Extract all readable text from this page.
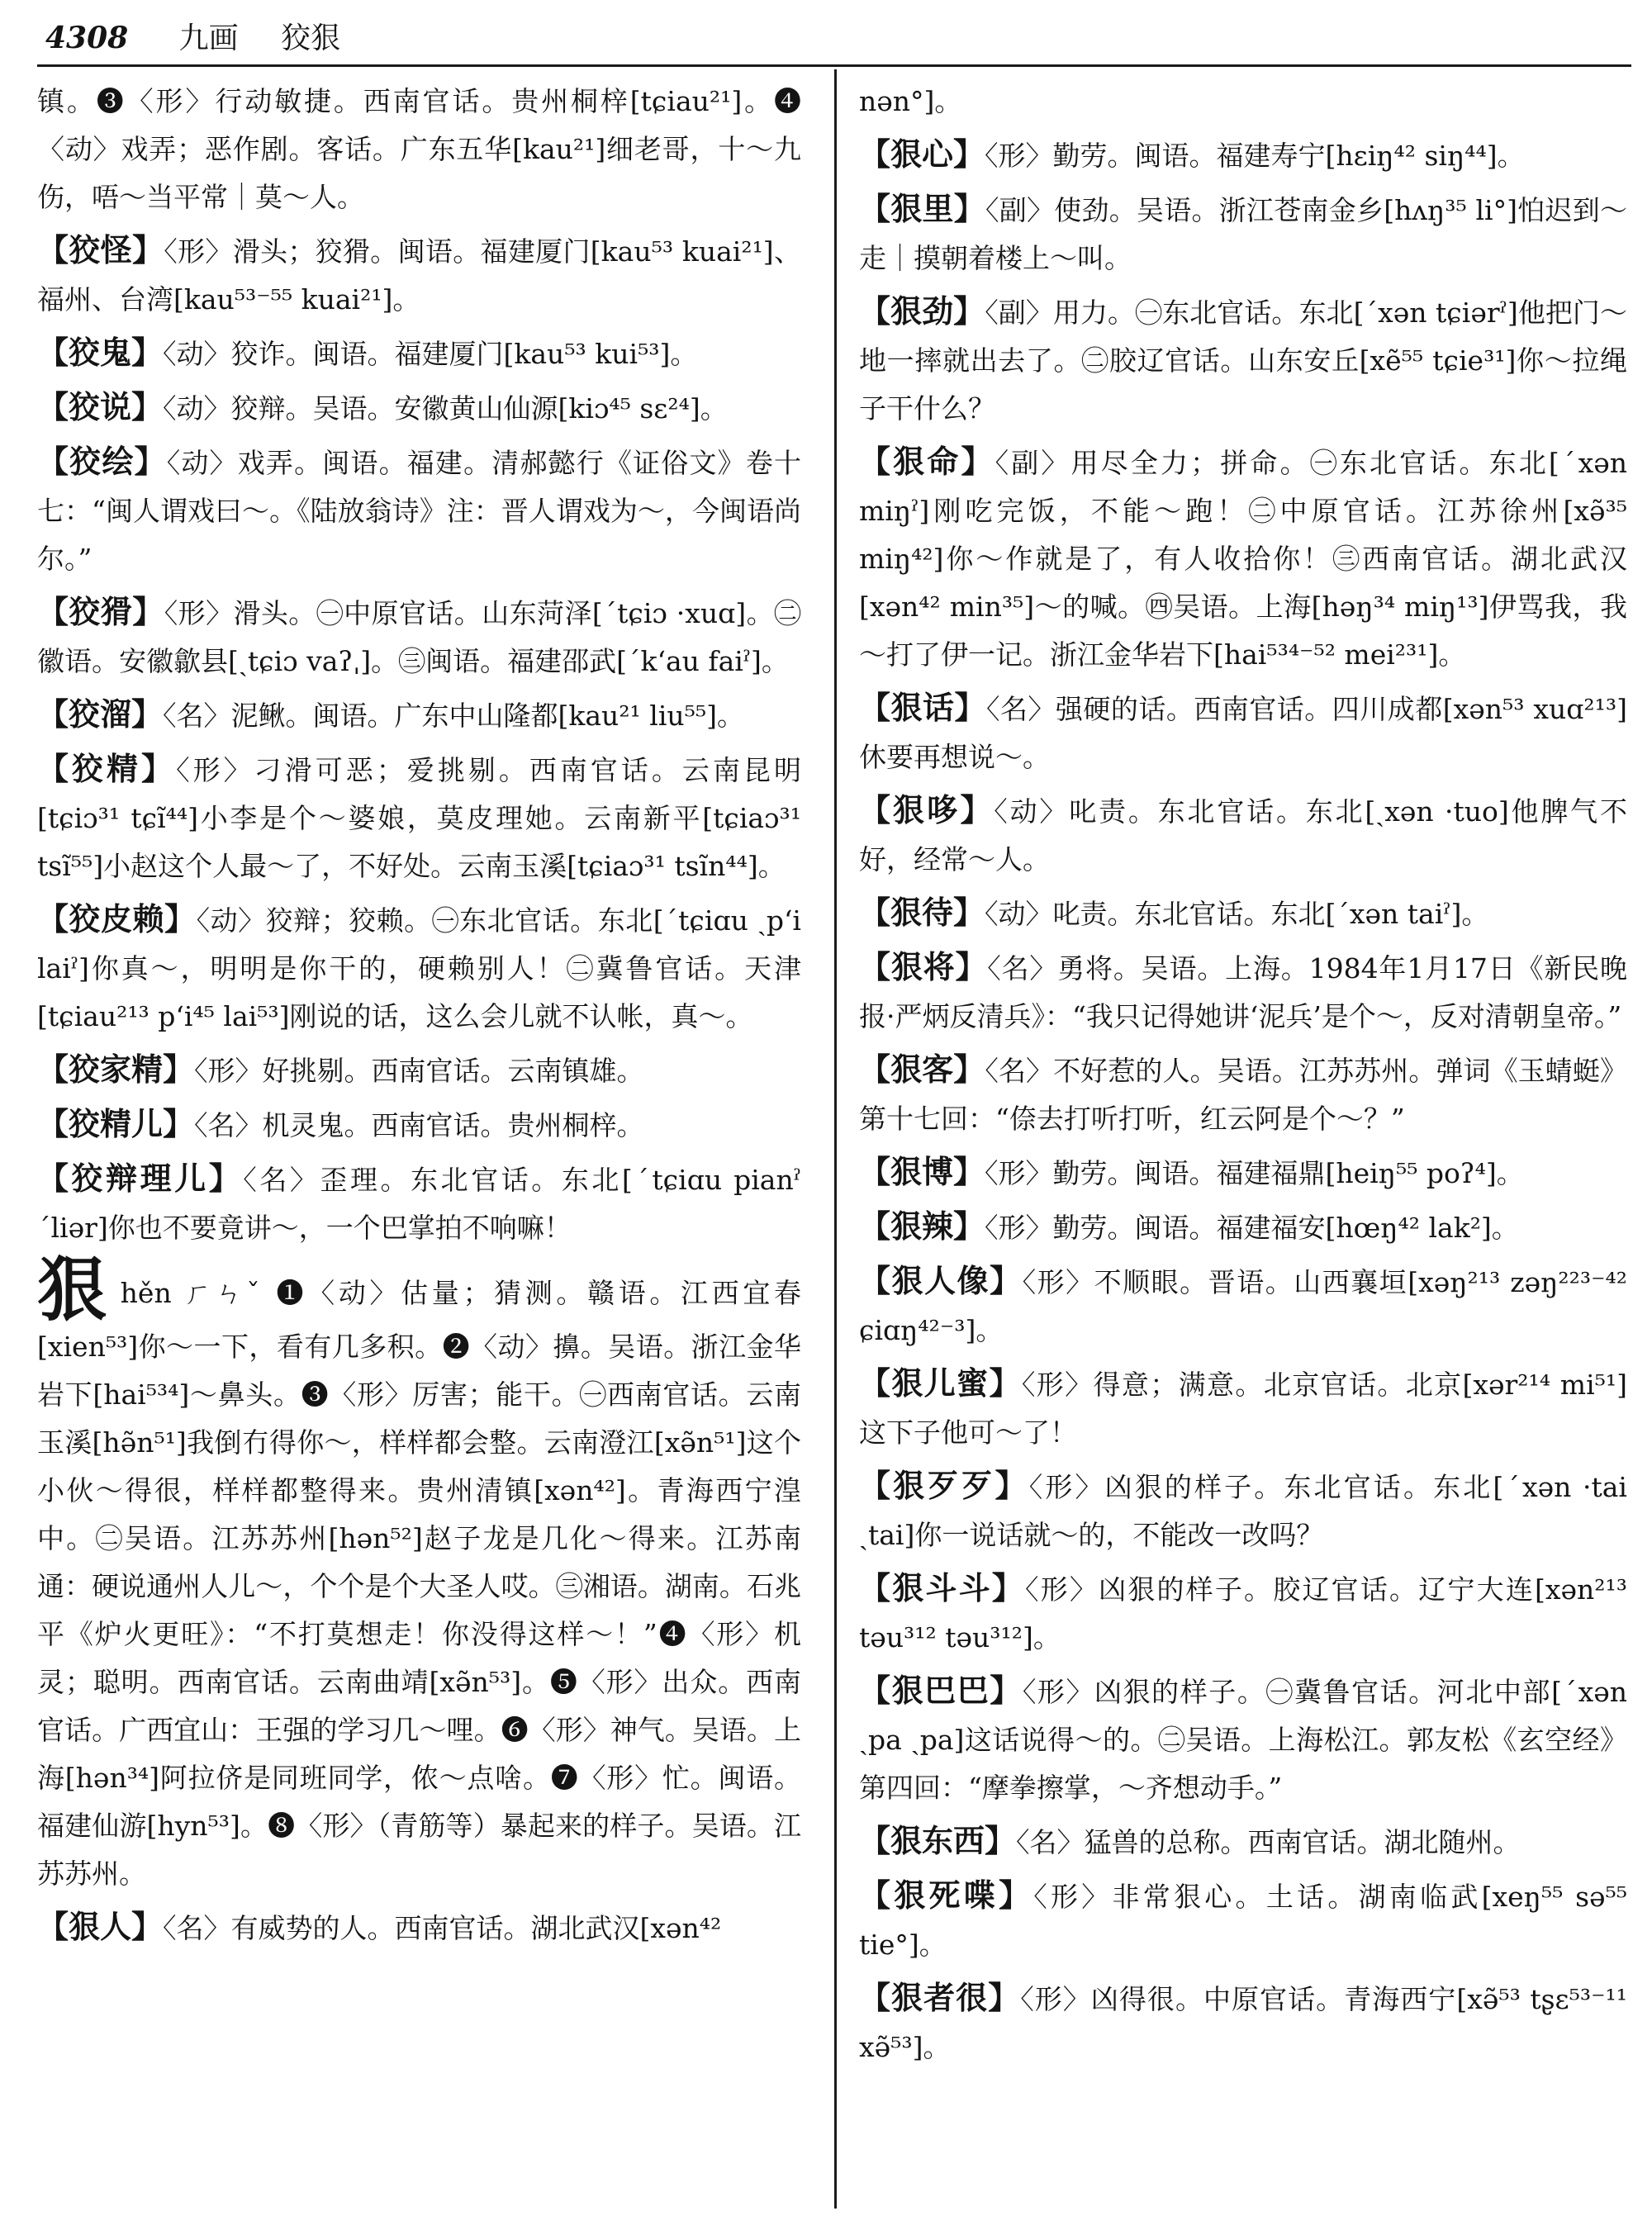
4308 九画 狡狠

镇。❸〈形〉行动敏捷。西南官话。贵州桐梓[tɕiau²¹]。❹〈动〉戏弄；恶作剧。客话。广东五华[kau²¹]细老哥，十～九伤，唔～当平常｜莫～人。

【狡怪】〈形〉滑头；狡猾。闽语。福建厦门[kau⁵³ kuai²¹]、福州、台湾[kau⁵³⁻⁵⁵ kuai²¹]。

【狡鬼】〈动〉狡诈。闽语。福建厦门[kau⁵³ kui⁵³]。

【狡说】〈动〉狡辩。吴语。安徽黄山仙源[kiɔ⁴⁵ sɛ²⁴]。

【狡绘】〈动〉戏弄。闽语。福建。清郝懿行《证俗文》卷十七：“闽人谓戏曰～。《陆放翁诗》注：晋人谓戏为～，今闽语尚尔。”

【狡猾】〈形〉滑头。㊀中原官话。山东菏泽[ˊtɕiɔ ·xuɑ]。㊁徽语。安徽歙县[ˏtɕiɔ vaʔˌ]。㊂闽语。福建邵武[ˊkʻau faiˀ]。

【狡溜】〈名〉泥鳅。闽语。广东中山隆都[kau²¹ liu⁵⁵]。

【狡精】〈形〉刁滑可恶；爱挑剔。西南官话。云南昆明[tɕiɔ³¹ tɕĩ⁴⁴]小李是个～婆娘，莫皮理她。云南新平[tɕiaɔ³¹ tsĩ⁵⁵]小赵这个人最～了，不好处。云南玉溪[tɕiaɔ³¹ tsĩn⁴⁴]。

【狡皮赖】〈动〉狡辩；狡赖。㊀东北官话。东北[ˊtɕiɑu ˏpʻi laiˀ]你真～，明明是你干的，硬赖别人！㊁冀鲁官话。天津[tɕiau²¹³ pʻi⁴⁵ lai⁵³]刚说的话，这么会儿就不认帐，真～。

【狡家精】〈形〉好挑剔。西南官话。云南镇雄。

【狡精儿】〈名〉机灵鬼。西南官话。贵州桐梓。

【狡辩理儿】〈名〉歪理。东北官话。东北[ˊtɕiɑu pianˀ ˊliər]你也不要竟讲～，一个巴掌拍不响嘛！

狠hěn ㄏㄣˇ ❶〈动〉估量；猜测。赣语。江西宜春[xien⁵³]你～一下，看有几多积。❷〈动〉擤。吴语。浙江金华岩下[hai⁵³⁴]～鼻头。❸〈形〉厉害；能干。㊀西南官话。云南玉溪[hə̃n⁵¹]我倒冇得你～，样样都会整。云南澄江[xə̃n⁵¹]这个小伙～得很，样样都整得来。贵州清镇[xən⁴²]。青海西宁湟中。㊁吴语。江苏苏州[hən⁵²]赵子龙是几化～得来。江苏南通：硬说通州人儿～，个个是个大圣人哎。㊂湘语。湖南。石兆平《炉火更旺》：“不打莫想走！你没得这样～！”❹〈形〉机灵；聪明。西南官话。云南曲靖[xə̃n⁵³]。❺〈形〉出众。西南官话。广西宜山：王强的学习几～哩。❻〈形〉神气。吴语。上海[hən³⁴]阿拉侪是同班同学，侬～点啥。❼〈形〉忙。闽语。福建仙游[hyn⁵³]。❽〈形〉（青筋等）暴起来的样子。吴语。江苏苏州。

【狠人】〈名〉有威势的人。西南官话。湖北武汉[xən⁴²

nən°]。

【狠心】〈形〉勤劳。闽语。福建寿宁[hɛiŋ⁴² siŋ⁴⁴]。

【狠里】〈副〉使劲。吴语。浙江苍南金乡[hʌŋ³⁵ li°]怕迟到～走｜摸朝着楼上～叫。

【狠劲】〈副〉用力。㊀东北官话。东北[ˊxən tɕiərˀ]他把门～地一摔就出去了。㊁胶辽官话。山东安丘[xẽ⁵⁵ tɕie³¹]你～拉绳子干什么？

【狠命】〈副〉用尽全力；拼命。㊀东北官话。东北[ˊxən miŋˀ]刚吃完饭，不能～跑！㊁中原官话。江苏徐州[xə̃³⁵ miŋ⁴²]你～作就是了，有人收拾你！㊂西南官话。湖北武汉[xən⁴² min³⁵]～的喊。㊃吴语。上海[həŋ³⁴ miŋ¹³]伊骂我，我～打了伊一记。浙江金华岩下[hai⁵³⁴⁻⁵² mei²³¹]。

【狠话】〈名〉强硬的话。西南官话。四川成都[xən⁵³ xuɑ²¹³]休要再想说～。

【狠哆】〈动〉叱责。东北官话。东北[ˏxən ·tuo]他脾气不好，经常～人。

【狠待】〈动〉叱责。东北官话。东北[ˊxən taiˀ]。

【狠将】〈名〉勇将。吴语。上海。1984年1月17日《新民晚报·严炳反清兵》：“我只记得她讲‘泥兵’是个～，反对清朝皇帝。”

【狠客】〈名〉不好惹的人。吴语。江苏苏州。弹词《玉蜻蜓》第十七回：“倷去打听打听，红云阿是个～？”

【狠博】〈形〉勤劳。闽语。福建福鼎[heiŋ⁵⁵ poʔ⁴]。

【狠辣】〈形〉勤劳。闽语。福建福安[hœŋ⁴² lak²]。

【狠人像】〈形〉不顺眼。晋语。山西襄垣[xəŋ²¹³ zəŋ²²³⁻⁴² ɕiɑŋ⁴²⁻³]。

【狠儿蜜】〈形〉得意；满意。北京官话。北京[xər²¹⁴ mi⁵¹]这下子他可～了！

【狠歹歹】〈形〉凶狠的样子。东北官话。东北[ˊxən ·tai ˏtai]你一说话就～的，不能改一改吗？

【狠斗斗】〈形〉凶狠的样子。胶辽官话。辽宁大连[xən²¹³ təu³¹² təu³¹²]。

【狠巴巴】〈形〉凶狠的样子。㊀冀鲁官话。河北中部[ˊxən ˏpa ˏpa]这话说得～的。㊁吴语。上海松江。郭友松《玄空经》第四回：“摩拳擦掌，～齐想动手。”

【狠东西】〈名〉猛兽的总称。西南官话。湖北随州。

【狠死喋】〈形〉非常狠心。土话。湖南临武[xeŋ⁵⁵ sə⁵⁵ tie°]。

【狠者很】〈形〉凶得很。中原官话。青海西宁[xə̃⁵³ tʂɛ⁵³⁻¹¹ xə̃⁵³]。
